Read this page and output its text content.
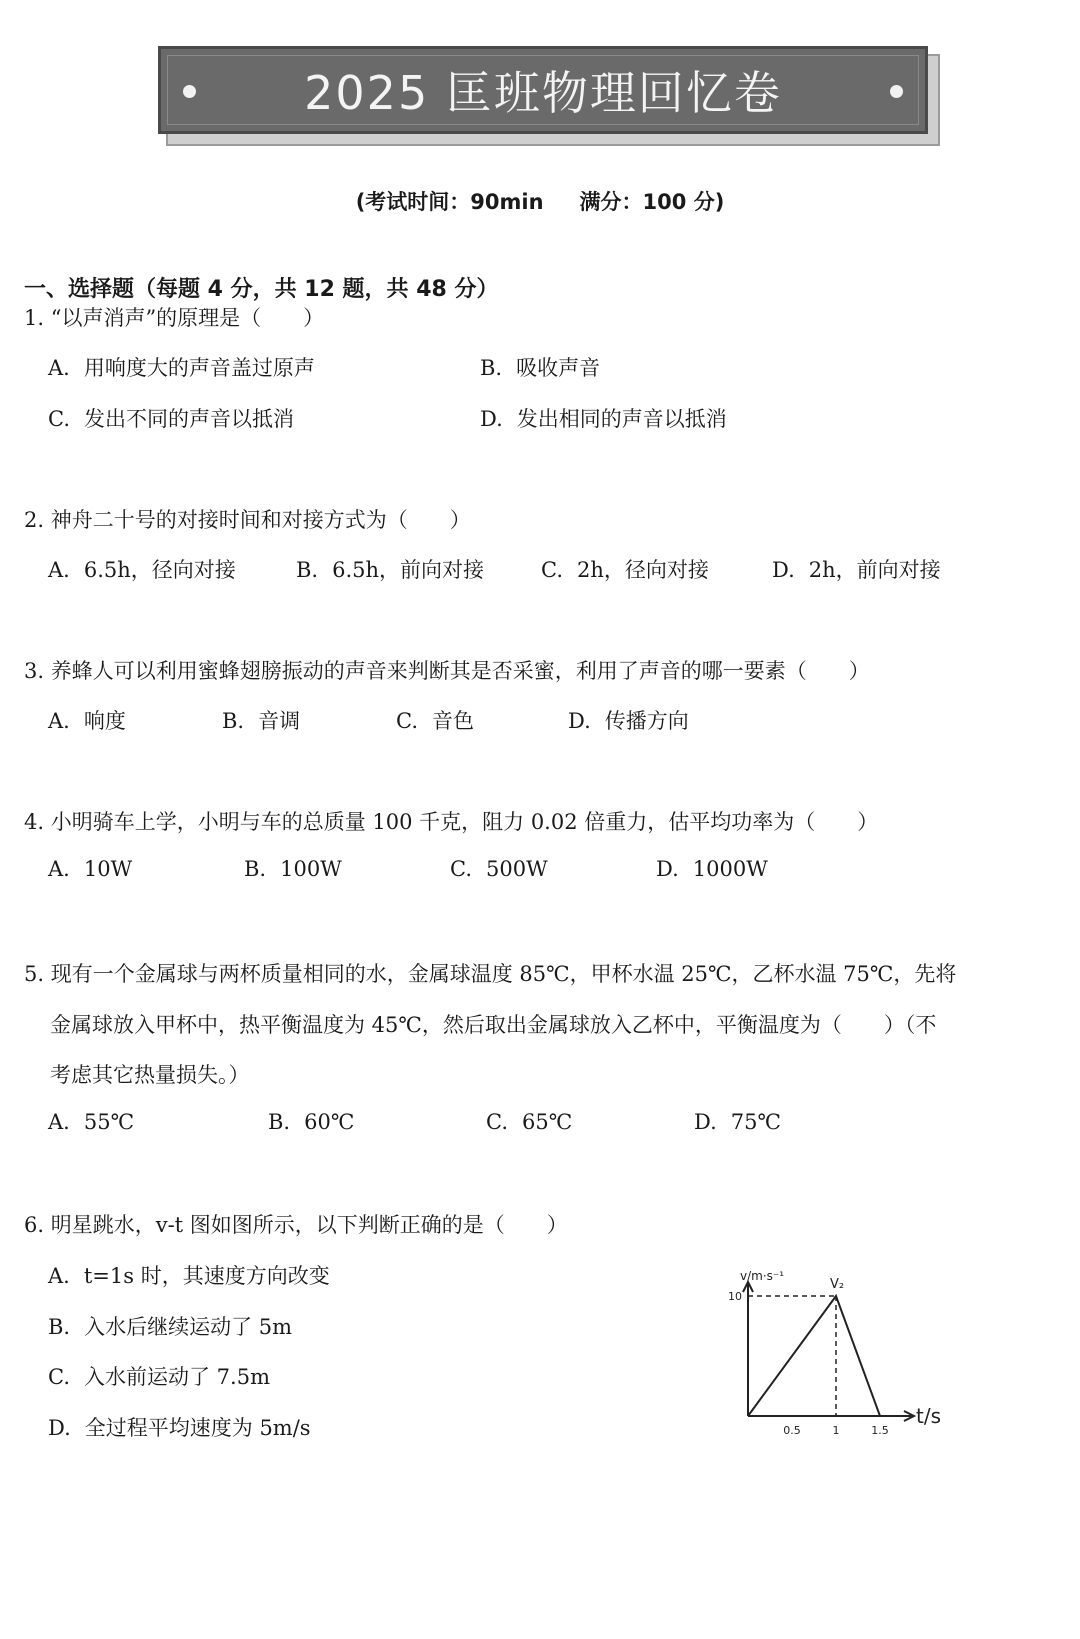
2025 匡班物理回忆卷
(考试时间：90min 满分：100 分)
一、选择题（每题 4 分，共 12 题，共 48 分）
1. “以声消声”的原理是（　　）
A. 用响度大的声音盖过原声	B. 吸收声音
C. 发出不同的声音以抵消	D. 发出相同的声音以抵消
2. 神舟二十号的对接时间和对接方式为（　　）
A. 6.5h，径向对接	B. 6.5h，前向对接	C. 2h，径向对接	D. 2h，前向对接
3. 养蜂人可以利用蜜蜂翅膀振动的声音来判断其是否采蜜，利用了声音的哪一要素（　　）
A. 响度	B. 音调	C. 音色	D. 传播方向
4. 小明骑车上学，小明与车的总质量 100 千克，阻力 0.02 倍重力，估平均功率为（　　）
A. 10W	B. 100W	C. 500W	D. 1000W
5. 现有一个金属球与两杯质量相同的水，金属球温度 85℃，甲杯水温 25℃，乙杯水温 75℃，先将
金属球放入甲杯中，热平衡温度为 45℃，然后取出金属球放入乙杯中，平衡温度为（　　）（不
考虑其它热量损失。）
A. 55℃	B. 60℃	C. 65℃	D. 75℃
6. 明星跳水，v-t 图如图所示，以下判断正确的是（　　）
A. t=1s 时，其速度方向改变
B. 入水后继续运动了 5m
C. 入水前运动了 7.5m
D. 全过程平均速度为 5m/s
v/m·s⁻¹
t/s
V₂
10
0.5	1	1.5
